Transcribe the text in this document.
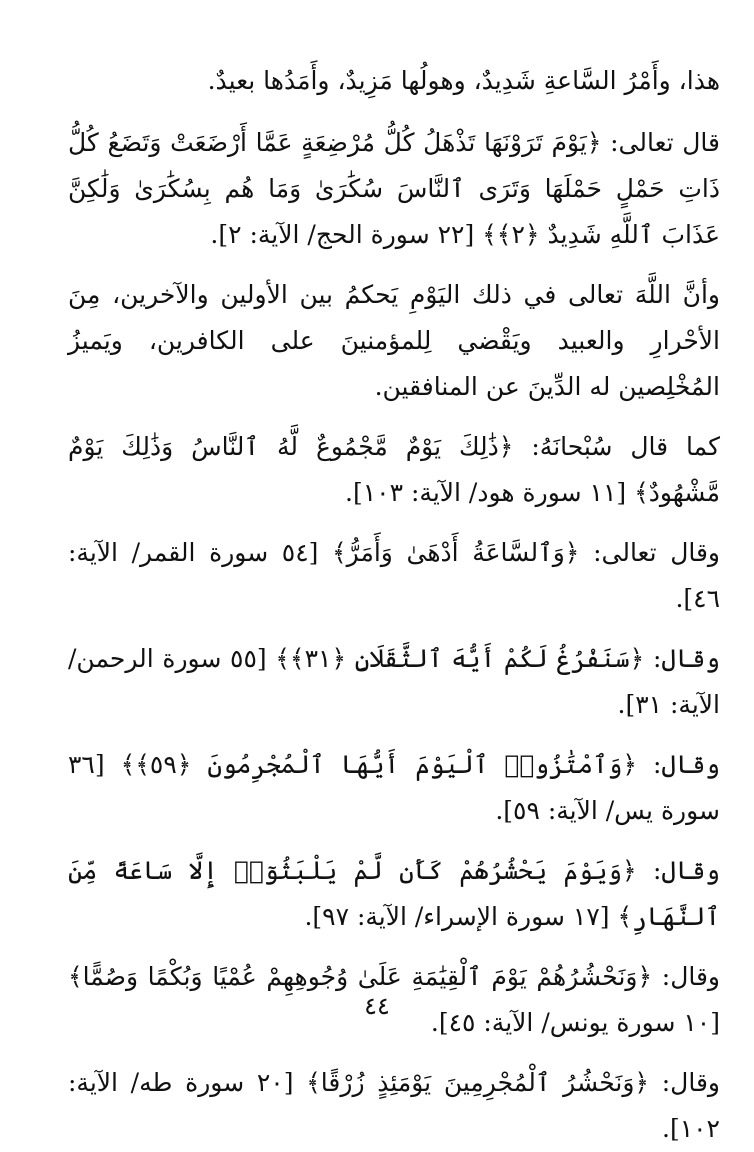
هذا، وأَمْرُ السَّاعةِ شَدِيدٌ، وهولُها مَزِيدٌ، وأَمَدُها بعيدٌ.

قال تعالى: ﴿يَوْمَ تَرَوْنَهَا تَذْهَلُ كُلُّ مُرْضِعَةٍ عَمَّا أَرْضَعَتْ وَتَضَعُ كُلُّ ذَاتِ حَمْلٍ حَمْلَهَا وَتَرَى ٱلنَّاسَ سُكَٰرَىٰ وَمَا هُم بِسُكَٰرَىٰ وَلَٰكِنَّ عَذَابَ ٱللَّهِ شَدِيدٌ ﴿٢﴾﴾ [٢٢ سورة الحج/ الآية: ٢].

وأنَّ اللَّهَ تعالى في ذلك اليَوْمِ يَحكمُ بين الأولين والآخرين، مِنَ الأحْرارِ والعبيد ويَقْضي لِلمؤمنينَ على الكافرين، ويَميزُ المُخْلِصين له الدِّينَ عن المنافقين.

كما قال سُبْحانَهُ: ﴿ذَٰلِكَ يَوْمٌ مَّجْمُوعٌ لَّهُ ٱلنَّاسُ وَذَٰلِكَ يَوْمٌ مَّشْهُودٌ﴾ [١١ سورة هود/ الآية: ١٠٣].

وقال تعالى: ﴿وَٱلسَّاعَةُ أَدْهَىٰ وَأَمَرُّ﴾ [٥٤ سورة القمر/ الآية: ٤٦].

وقال: ﴿سَنَفْرُغُ لَكُمْ أَيُّهَ ٱلثَّقَلَانِ ﴿٣١﴾﴾ [٥٥ سورة الرحمن/ الآية: ٣١].

وقال: ﴿وَٱمْتَٰزُوا۟ ٱلْيَوْمَ أَيُّهَا ٱلْمُجْرِمُونَ ﴿٥٩﴾﴾ [٣٦ سورة يس/ الآية: ٥٩].

وقال: ﴿وَيَوْمَ يَحْشُرُهُمْ كَأَن لَّمْ يَلْبَثُوٓا۟ إِلَّا سَاعَةً مِّنَ ٱلنَّهَارِ﴾ [١٧ سورة الإسراء/ الآية: ٩٧].

وقال: ﴿وَنَحْشُرُهُمْ يَوْمَ ٱلْقِيَٰمَةِ عَلَىٰ وُجُوهِهِمْ عُمْيًا وَبُكْمًا وَصُمًّا﴾ [١٠ سورة يونس/ الآية: ٤٥].

وقال: ﴿وَنَحْشُرُ ٱلْمُجْرِمِينَ يَوْمَئِذٍ زُرْقًا﴾ [٢٠ سورة طه/ الآية: ١٠٢].

٤٤
